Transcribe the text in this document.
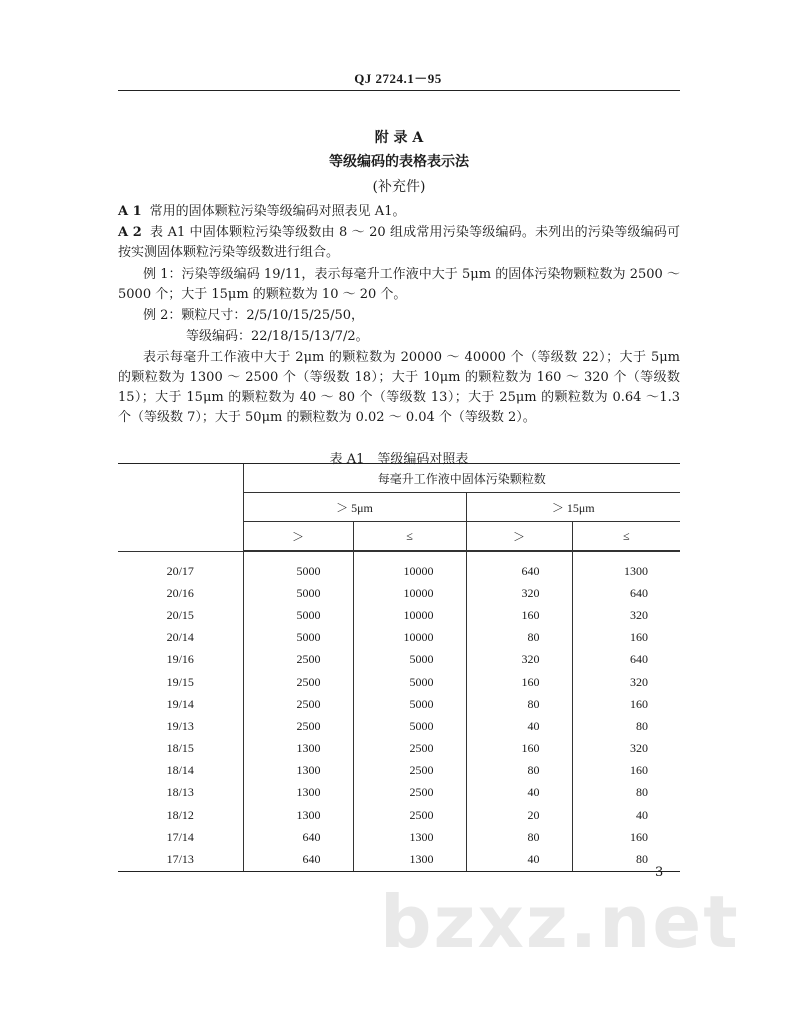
QJ 2724.1－95
附 录 A
等级编码的表格表示法
(补充件)
A 1 常用的固体颗粒污染等级编码对照表见 A1。
A 2 表 A1 中固体颗粒污染等级数由 8 ～ 20 组成常用污染等级编码。未列出的污染等级编码可按实测固体颗粒污染等级数进行组合。
例 1：污染等级编码 19/11，表示每毫升工作液中大于 5μm 的固体污染物颗粒数为 2500 ～ 5000 个；大于 15μm 的颗粒数为 10 ～ 20 个。
例 2：颗粒尺寸：2/5/10/15/25/50，
等级编码：22/18/15/13/7/2。
表示每毫升工作液中大于 2μm 的颗粒数为 20000 ～ 40000 个（等级数 22）；大于 5μm 的颗粒数为 1300 ～ 2500 个（等级数 18）；大于 10μm 的颗粒数为 160 ～ 320 个（等级数 15）；大于 15μm 的颗粒数为 40 ～ 80 个（等级数 13）；大于 25μm 的颗粒数为 0.64 ～1.3 个（等级数 7）；大于 50μm 的颗粒数为 0.02 ～ 0.04 个（等级数 2）。
表 A1　等级编码对照表
	每毫升工作液中固体污染颗粒数			
	＞ 5μm		＞ 15μm	
	＞	≤	＞	≤

20/17	5000	10000	640	1300
20/16	5000	10000	320	640
20/15	5000	10000	160	320
20/14	5000	10000	80	160
19/16	2500	5000	320	640
19/15	2500	5000	160	320
19/14	2500	5000	80	160
19/13	2500	5000	40	80
18/15	1300	2500	160	320
18/14	1300	2500	80	160
18/13	1300	2500	40	80
18/12	1300	2500	20	40
17/14	640	1300	80	160
17/13	640	1300	40	80
3
bzxz.net
